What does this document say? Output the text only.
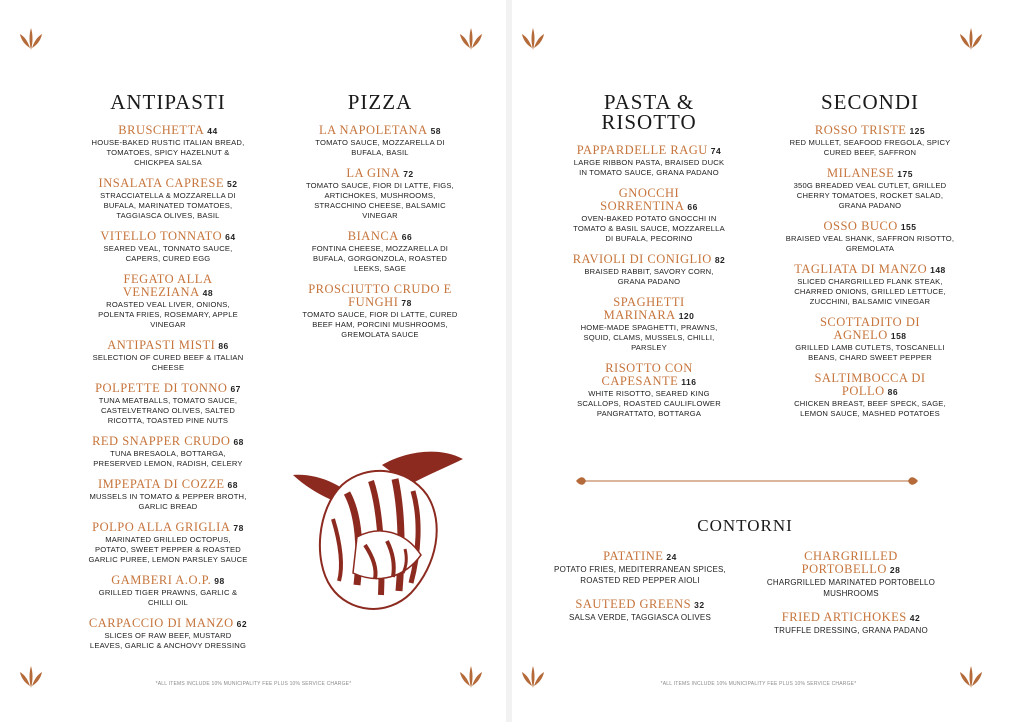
ANTIPASTI
BRUSCHETTA 44
HOUSE-BAKED RUSTIC ITALIAN BREAD, TOMATOES, SPICY HAZELNUT & CHICKPEA SALSA
INSALATA CAPRESE 52
STRACCIATELLA & MOZZARELLA DI BUFALA, MARINATED TOMATOES, TAGGIASCA OLIVES, BASIL
VITELLO TONNATO 64
SEARED VEAL, TONNATO SAUCE, CAPERS, CURED EGG
FEGATO ALLA VENEZIANA 48
ROASTED VEAL LIVER, ONIONS, POLENTA FRIES, ROSEMARY, APPLE VINEGAR
ANTIPASTI MISTI 86
SELECTION OF CURED BEEF & ITALIAN CHEESE
POLPETTE DI TONNO 67
TUNA MEATBALLS, TOMATO SAUCE, CASTELVETRANO OLIVES, SALTED RICOTTA, TOASTED PINE NUTS
RED SNAPPER CRUDO 68
TUNA BRESAOLA, BOTTARGA, PRESERVED LEMON, RADISH, CELERY
IMPEPATA DI COZZE 68
MUSSELS IN TOMATO & PEPPER BROTH, GARLIC BREAD
POLPO ALLA GRIGLIA 78
MARINATED GRILLED OCTOPUS, POTATO, SWEET PEPPER & ROASTED GARLIC PUREE, LEMON PARSLEY SAUCE
GAMBERI A.O.P. 98
GRILLED TIGER PRAWNS, GARLIC & CHILLI OIL
CARPACCIO DI MANZO 62
SLICES OF RAW BEEF, MUSTARD LEAVES, GARLIC & ANCHOVY DRESSING
PIZZA
LA NAPOLETANA 58
TOMATO SAUCE, MOZZARELLA DI BUFALA, BASIL
LA GINA 72
TOMATO SAUCE, FIOR DI LATTE, FIGS, ARTICHOKES, MUSHROOMS, STRACCHINO CHEESE, BALSAMIC VINEGAR
BIANCA 66
FONTINA CHEESE, MOZZARELLA DI BUFALA, GORGONZOLA, ROASTED LEEKS, SAGE
PROSCIUTTO CRUDO E FUNGHI 78
TOMATO SAUCE, FIOR DI LATTE, CURED BEEF HAM, PORCINI MUSHROOMS, GREMOLATA SAUCE
PASTA &
RISOTTO
PAPPARDELLE RAGU 74
LARGE RIBBON PASTA, BRAISED DUCK IN TOMATO SAUCE, GRANA PADANO
GNOCCHI SORRENTINA 66
OVEN-BAKED POTATO GNOCCHI IN TOMATO & BASIL SAUCE, MOZZARELLA DI BUFALA, PECORINO
RAVIOLI DI CONIGLIO 82
BRAISED RABBIT, SAVORY CORN, GRANA PADANO
SPAGHETTI MARINARA 120
HOME-MADE SPAGHETTI, PRAWNS, SQUID, CLAMS, MUSSELS, CHILLI, PARSLEY
RISOTTO CON CAPESANTE 116
WHITE RISOTTO, SEARED KING SCALLOPS, ROASTED CAULIFLOWER PANGRATTATO, BOTTARGA
SECONDI
ROSSO TRISTE 125
RED MULLET, SEAFOOD FREGOLA, SPICY CURED BEEF, SAFFRON
MILANESE 175
350G BREADED VEAL CUTLET, GRILLED CHERRY TOMATOES, ROCKET SALAD, GRANA PADANO
OSSO BUCO 155
BRAISED VEAL SHANK, SAFFRON RISOTTO, GREMOLATA
TAGLIATA DI MANZO 148
SLICED CHARGRILLED FLANK STEAK, CHARRED ONIONS, GRILLED LETTUCE, ZUCCHINI, BALSAMIC VINEGAR
SCOTTADITO DI AGNELO 158
GRILLED LAMB CUTLETS, TOSCANELLI BEANS, CHARD SWEET PEPPER
SALTIMBOCCA DI POLLO 86
CHICKEN BREAST, BEEF SPECK, SAGE, LEMON SAUCE, MASHED POTATOES
CONTORNI
PATATINE 24
POTATO FRIES, MEDITERRANEAN SPICES, ROASTED RED PEPPER AIOLI
SAUTEED GREENS 32
SALSA VERDE, TAGGIASCA OLIVES
CHARGRILLED PORTOBELLO 28
CHARGRILLED MARINATED PORTOBELLO MUSHROOMS
FRIED ARTICHOKES 42
TRUFFLE DRESSING, GRANA PADANO
*ALL ITEMS INCLUDE 10% MUNICIPALITY FEE PLUS 10% SERVICE CHARGE*	*ALL ITEMS INCLUDE 10% MUNICIPALITY FEE PLUS 10% SERVICE CHARGE*
